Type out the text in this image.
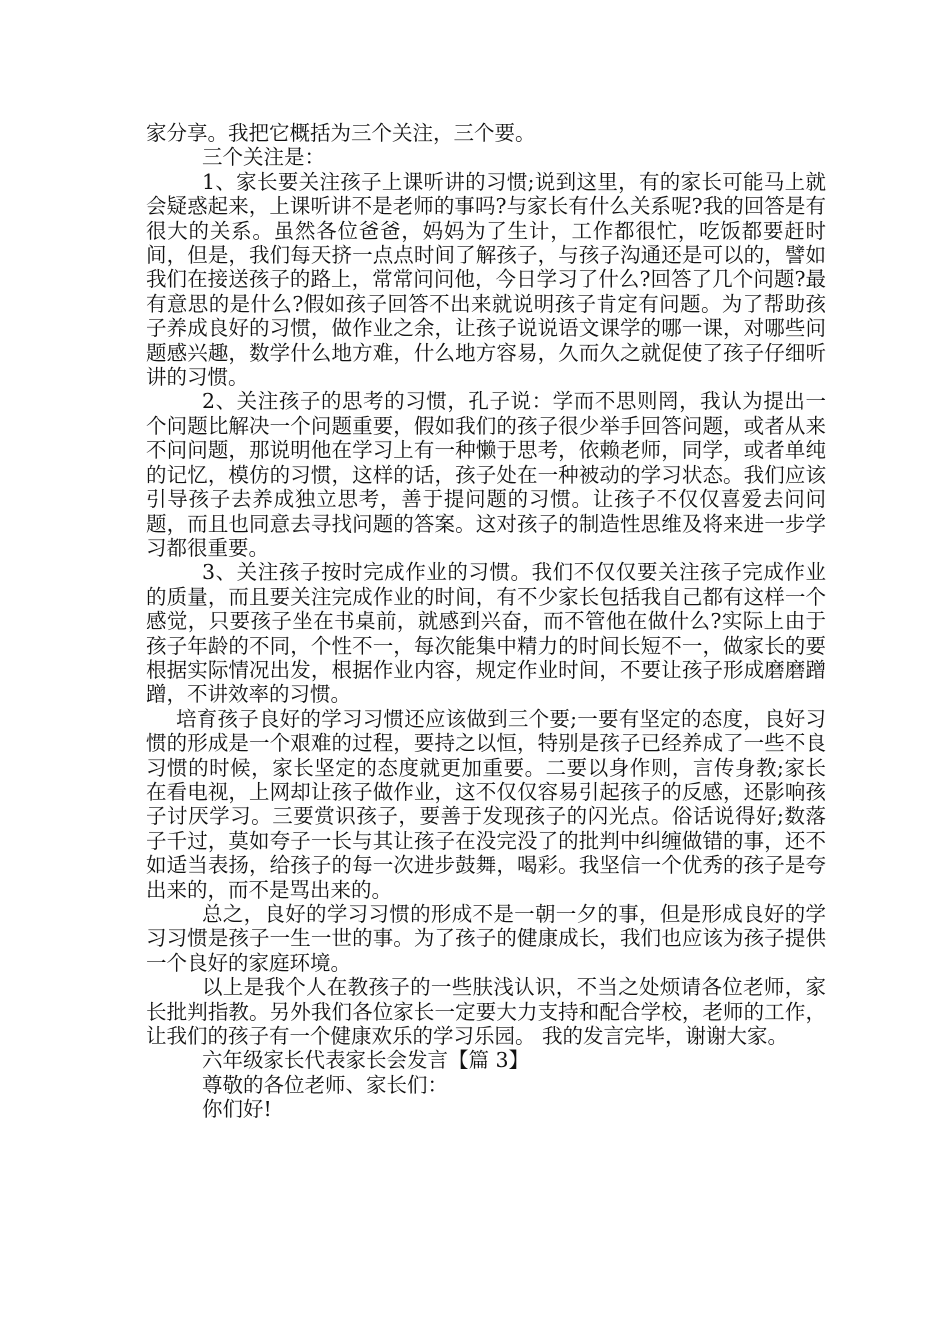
家分享。我把它概括为三个关注，三个要。

三个关注是：

1、家长要关注孩子上课听讲的习惯;说到这里，有的家长可能马上就会疑惑起来，上课听讲不是老师的事吗?与家长有什么关系呢?我的回答是有很大的关系。虽然各位爸爸，妈妈为了生计，工作都很忙，吃饭都要赶时间，但是，我们每天挤一点点时间了解孩子，与孩子沟通还是可以的，譬如我们在接送孩子的路上，常常问问他，今日学习了什么?回答了几个问题?最有意思的是什么?假如孩子回答不出来就说明孩子肯定有问题。为了帮助孩子养成良好的习惯，做作业之余，让孩子说说语文课学的哪一课，对哪些问题感兴趣，数学什么地方难，什么地方容易，久而久之就促使了孩子仔细听讲的习惯。

2、关注孩子的思考的习惯，孔子说：学而不思则罔，我认为提出一个问题比解决一个问题重要，假如我们的孩子很少举手回答问题，或者从来不问问题，那说明他在学习上有一种懒于思考，依赖老师，同学，或者单纯的记忆，模仿的习惯，这样的话，孩子处在一种被动的学习状态。我们应该引导孩子去养成独立思考，善于提问题的习惯。让孩子不仅仅喜爱去问问题，而且也同意去寻找问题的答案。这对孩子的制造性思维及将来进一步学习都很重要。

3、关注孩子按时完成作业的习惯。我们不仅仅要关注孩子完成作业的质量，而且要关注完成作业的时间，有不少家长包括我自己都有这样一个感觉，只要孩子坐在书桌前，就感到兴奋，而不管他在做什么?实际上由于孩子年龄的不同，个性不一，每次能集中精力的时间长短不一，做家长的要根据实际情况出发，根据作业内容，规定作业时间，不要让孩子形成磨磨蹭蹭，不讲效率的习惯。

培育孩子良好的学习习惯还应该做到三个要;一要有坚定的态度，良好习惯的形成是一个艰难的过程，要持之以恒，特别是孩子已经养成了一些不良习惯的时候，家长坚定的态度就更加重要。二要以身作则，言传身教;家长在看电视，上网却让孩子做作业，这不仅仅容易引起孩子的反感，还影响孩子讨厌学习。三要赏识孩子，要善于发现孩子的闪光点。俗话说得好;数落子千过，莫如夸子一长与其让孩子在没完没了的批判中纠缠做错的事，还不如适当表扬，给孩子的每一次进步鼓舞，喝彩。我坚信一个优秀的孩子是夸出来的，而不是骂出来的。

总之，良好的学习习惯的形成不是一朝一夕的事，但是形成良好的学习习惯是孩子一生一世的事。为了孩子的健康成长，我们也应该为孩子提供一个良好的家庭环境。

以上是我个人在教孩子的一些肤浅认识，不当之处烦请各位老师，家长批判指教。另外我们各位家长一定要大力支持和配合学校，老师的工作，让我们的孩子有一个健康欢乐的学习乐园。 我的发言完毕，谢谢大家。

六年级家长代表家长会发言【篇 3】

尊敬的各位老师、家长们：

你们好!
